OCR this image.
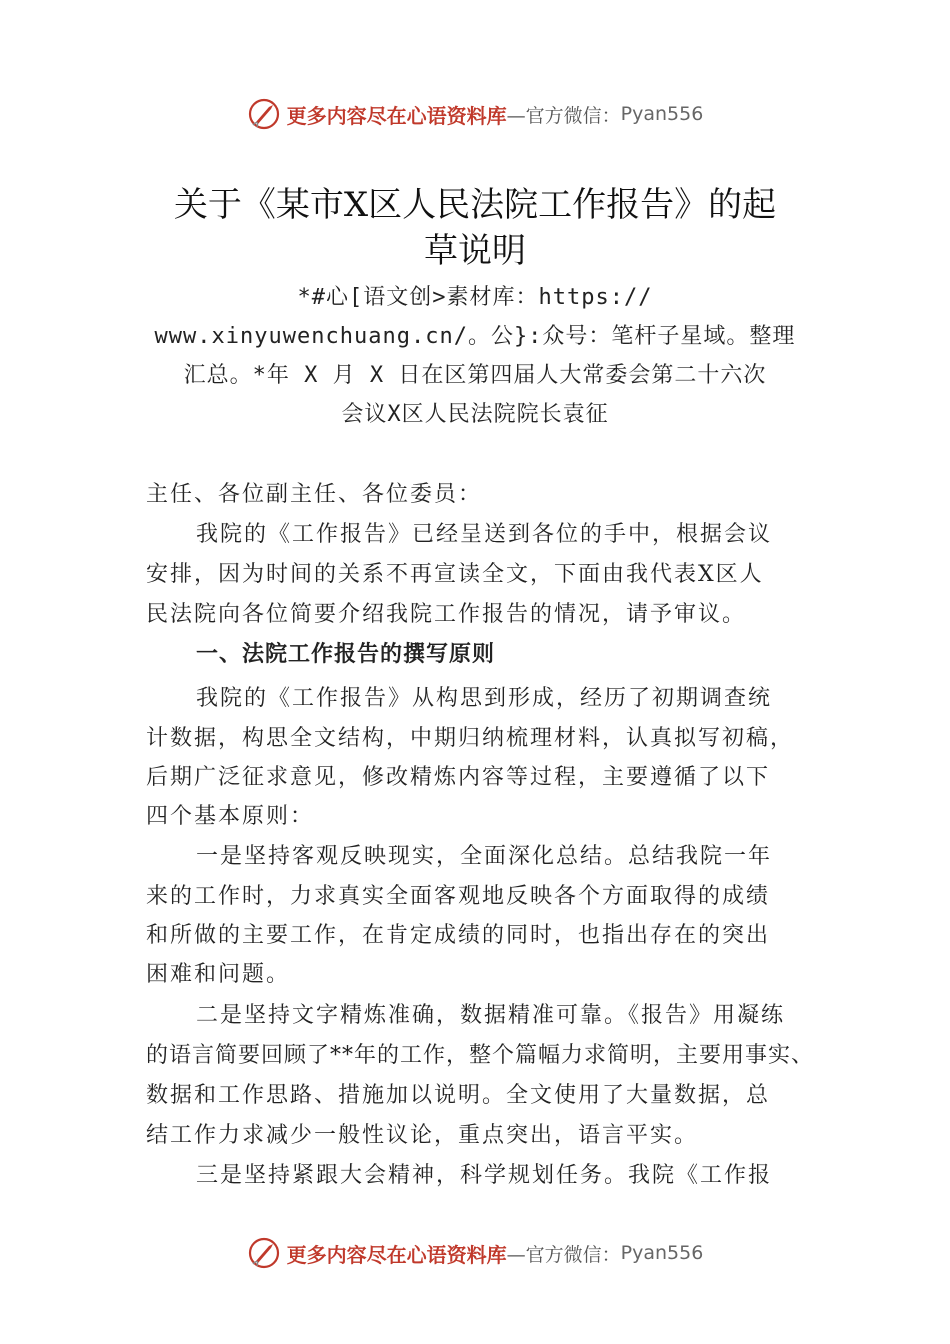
更多内容尽在心语资料库 —官方微信： Pyan556
关于《某市X区人民法院工作报告》的起
草说明
*#心[语文创>素材库：https://
www.xinyuwenchuang.cn/。公}:众号：笔杆子星域。整理
汇总。*年 X 月 X 日在区第四届人大常委会第二十六次
会议X区人民法院院长袁征
主任、各位副主任、各位委员：
我院的《工作报告》已经呈送到各位的手中，根据会议
安排，因为时间的关系不再宣读全文，下面由我代表X区人
民法院向各位简要介绍我院工作报告的情况，请予审议。
一、法院工作报告的撰写原则
我院的《工作报告》从构思到形成，经历了初期调查统
计数据，构思全文结构，中期归纳梳理材料，认真拟写初稿，
后期广泛征求意见，修改精炼内容等过程，主要遵循了以下
四个基本原则：
一是坚持客观反映现实，全面深化总结。总结我院一年
来的工作时，力求真实全面客观地反映各个方面取得的成绩
和所做的主要工作，在肯定成绩的同时，也指出存在的突出
困难和问题。
二是坚持文字精炼准确，数据精准可靠。《报告》用凝练
的语言简要回顾了**年的工作，整个篇幅力求简明，主要用事实、
数据和工作思路、措施加以说明。全文使用了大量数据，总
结工作力求减少一般性议论，重点突出，语言平实。
三是坚持紧跟大会精神，科学规划任务。我院《工作报
更多内容尽在心语资料库 —官方微信： Pyan556
